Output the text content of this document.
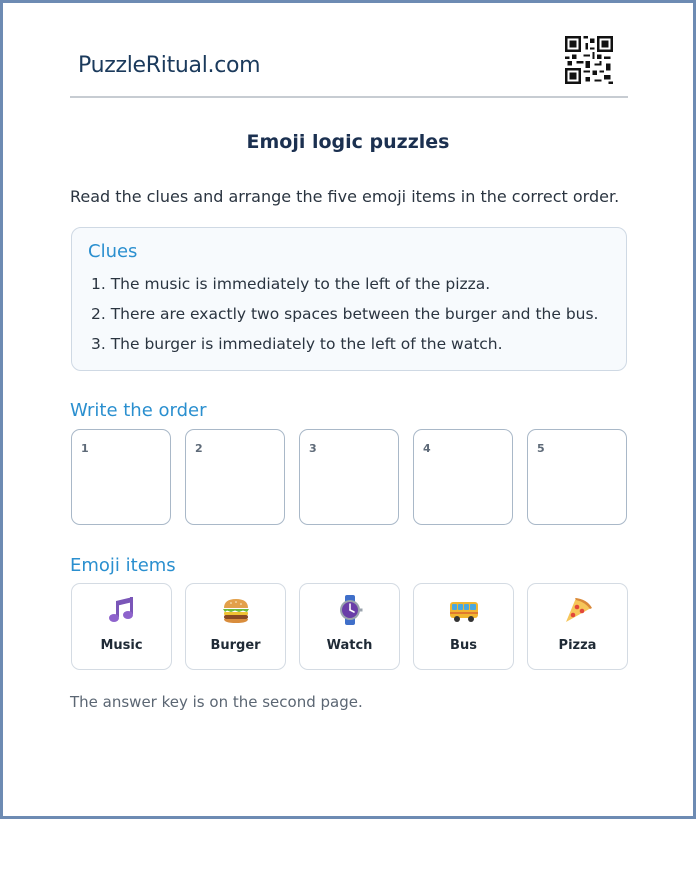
PuzzleRitual.com
Emoji logic puzzles
Read the clues and arrange the five emoji items in the correct order.
Clues
1. The music is immediately to the left of the pizza.
2. There are exactly two spaces between the burger and the bus.
3. The burger is immediately to the left of the watch.
Write the order
1	2	3	4	5
Emoji items
Music	Burger	Watch	Bus	Pizza
The answer key is on the second page.
